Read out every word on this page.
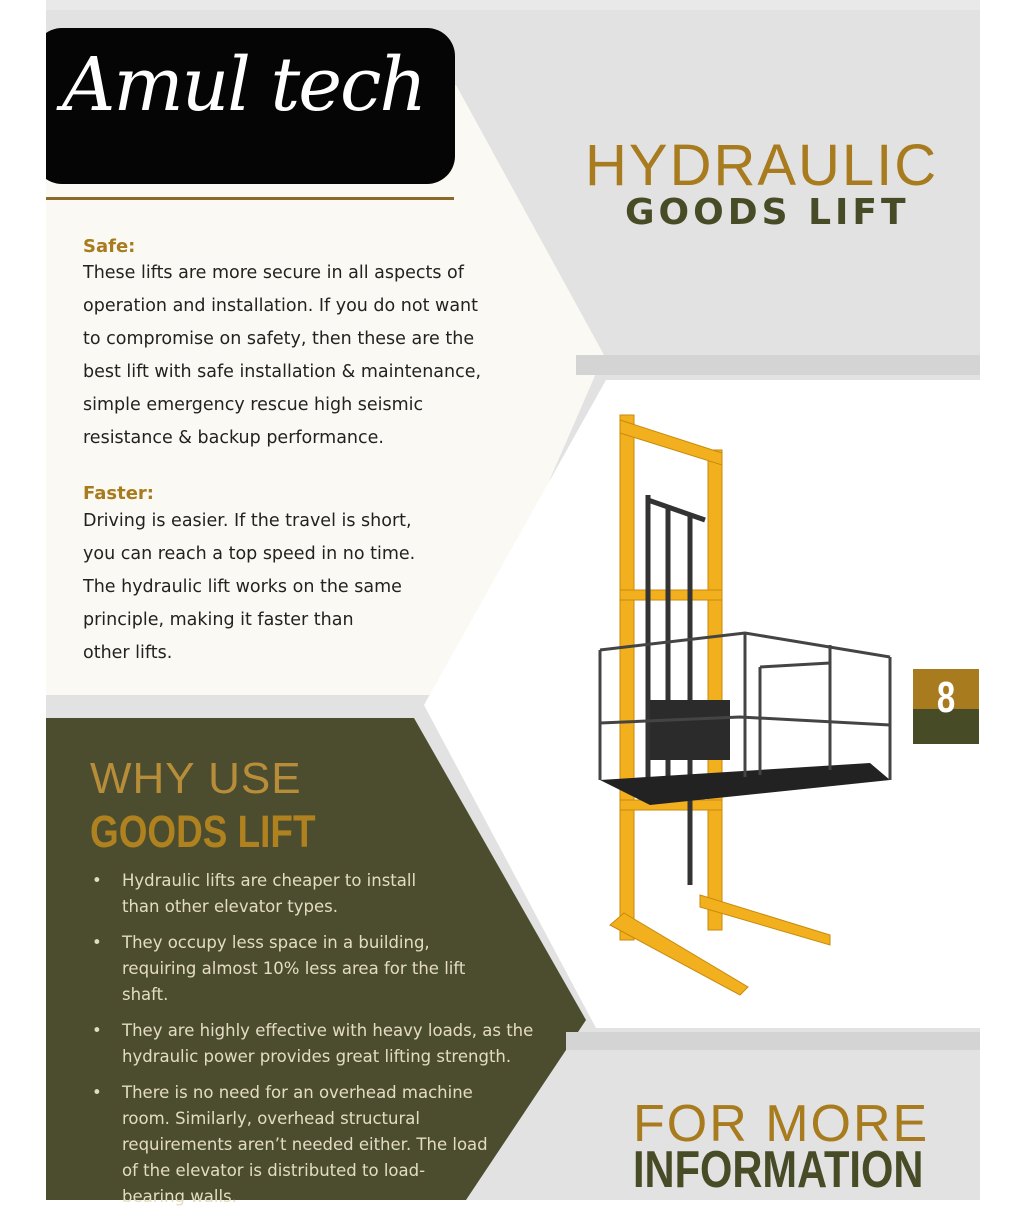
Amul tech
HYDRAULIC
GOODS LIFT
Safe:
These lifts are more secure in all aspects of
operation and installation. If you do not want
to compromise on safety, then these are the
best lift with safe installation & maintenance,
simple emergency rescue high seismic
resistance & backup performance.
Faster:
Driving is easier. If the travel is short,
you can reach a top speed in no time.
The hydraulic lift works on the same
principle, making it faster than
other lifts.
WHY USE
GOODS LIFT
• Hydraulic lifts are cheaper to install
than other elevator types.
• They occupy less space in a building,
requiring almost 10% less area for the lift
shaft.
• They are highly effective with heavy loads, as the
hydraulic power provides great lifting strength.
• There is no need for an overhead machine
room. Similarly, overhead structural
requirements aren’t needed either. The load
of the elevator is distributed to load-
bearing walls.
8
FOR MORE
INFORMATION
